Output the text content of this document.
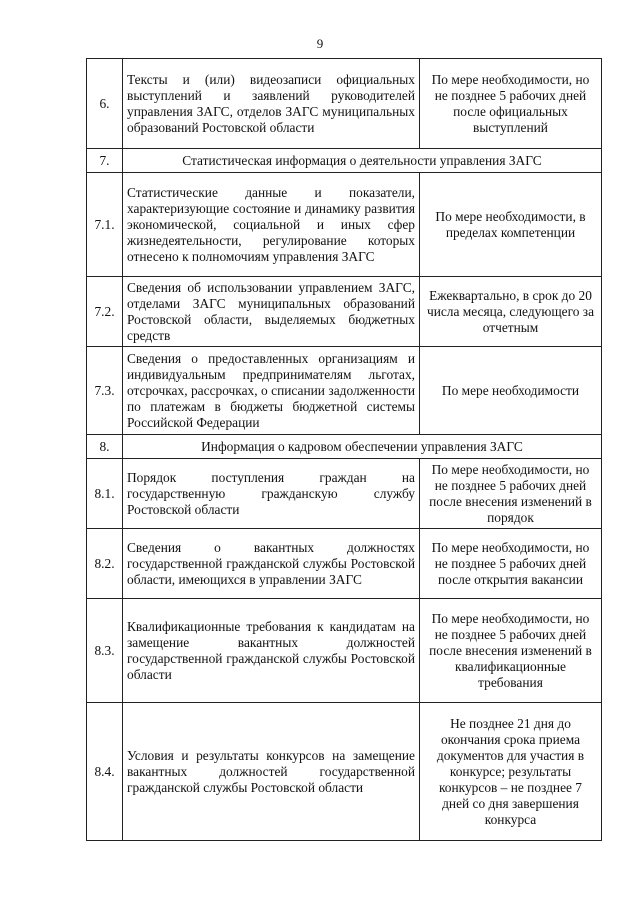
9
6.	Тексты и (или) видеозаписи официальных выступлений и заявлений руководителей управления ЗАГС, отделов ЗАГС муниципальных образований Ростовской области	По мере необходимости, но не позднее 5 рабочих дней после официальных выступлений
7.	Статистическая информация о деятельности управления ЗАГС	
7.1.	Статистические данные и показатели, характеризующие состояние и динамику развития экономической, социальной и иных сфер жизнедеятельности, регулирование которых отнесено к полномочиям управления ЗАГС	По мере необходимости, в пределах компетенции
7.2.	Сведения об использовании управлением ЗАГС, отделами ЗАГС муниципальных образований Ростовской области, выделяемых бюджетных средств	Ежеквартально, в срок до 20 числа месяца, следующего за отчетным
7.3.	Сведения о предоставленных организациям и индивидуальным предпринимателям льготах, отсрочках, рассрочках, о списании задолженности по платежам в бюджеты бюджетной системы Российской Федерации	По мере необходимости
8.	Информация о кадровом обеспечении управления ЗАГС	
8.1.	Порядок поступления граждан на государственную гражданскую службу Ростовской области	По мере необходимости, но не позднее 5 рабочих дней после внесения изменений в порядок
8.2.	Сведения о вакантных должностях государственной гражданской службы Ростовской области, имеющихся в управлении ЗАГС	По мере необходимости, но не позднее 5 рабочих дней после открытия вакансии
8.3.	Квалификационные требования к кандидатам на замещение вакантных должностей государственной гражданской службы Ростовской области	По мере необходимости, но не позднее 5 рабочих дней после внесения изменений в квалификационные требования
8.4.	Условия и результаты конкурсов на замещение вакантных должностей государственной гражданской службы Ростовской области	Не позднее 21 дня до окончания срока приема документов для участия в конкурсе; результаты конкурсов – не позднее 7 дней со дня завершения конкурса
